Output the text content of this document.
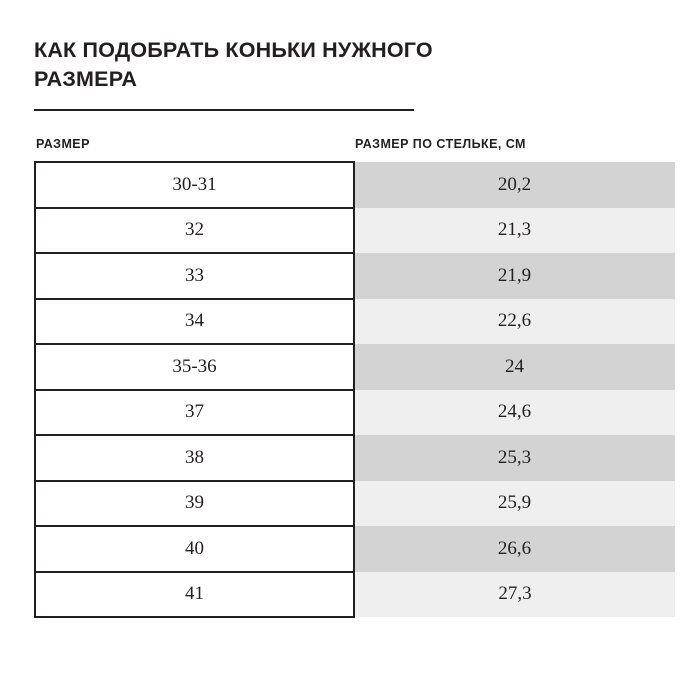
КАК ПОДОБРАТЬ КОНЬКИ НУЖНОГО РАЗМЕРА
РАЗМЕР	РАЗМЕР ПО СТЕЛЬКЕ, СМ
30-31	20,2
32	21,3
33	21,9
34	22,6
35-36	24
37	24,6
38	25,3
39	25,9
40	26,6
41	27,3
